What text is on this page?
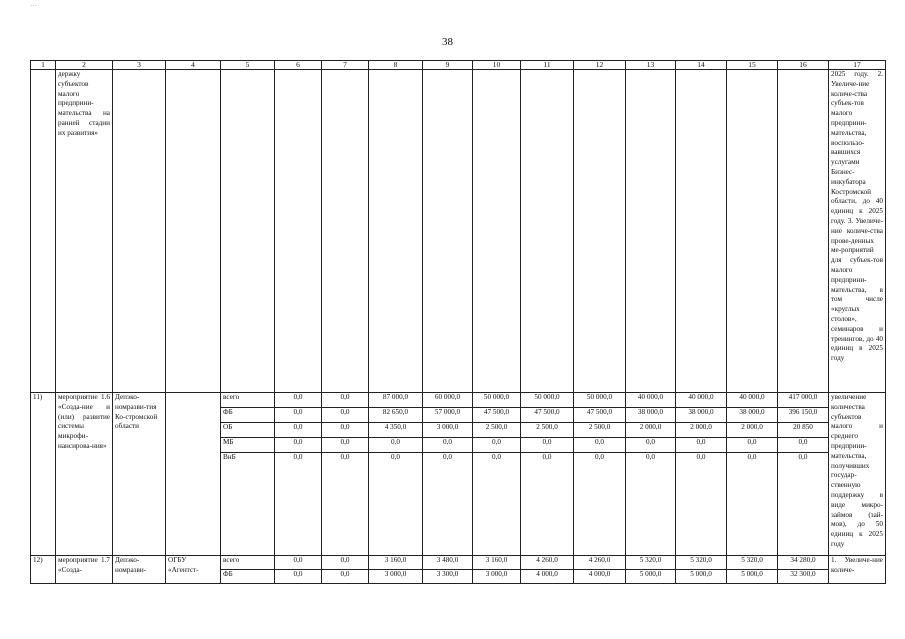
…
38
1	2	3	4	5	6	7	8	9	10	11	12	13	14	15	16	17
	держку субъектов малого предприни-мательства на ранней стадии их развития»															2025 году. 2. Увеличе-ние количе-ства субъек-тов малого предприни-мательства, воспользо-вавшихся услугами Бизнес-инкубатора Костромской области, до 40 единиц к 2025 году. 3. Увеличе-ние количе-ства прове-денных ме-роприятий для субъек-тов малого предприни-мательства, в том числе «круглых столов», семинаров и тренингов, до 40 единиц в 2025 году
11)	мероприятие 1.6 «Созда-ние и (или) развитие системы микрофи-нансирова-ния»	Депэко-номразви-тия Ко-стромской области		всего	0,0	0,0	87 000,0	60 000,0	50 000,0	50 000,0	50 000,0	40 000,0	40 000,0	40 000,0	417 000,0	увеличение количества субъектов малого и среднего предприни-мательства, получивших государ-ственную поддержку в виде микро-займов (зай-мов), до 50 единиц к 2025 году
				ФБ	0,0	0,0	82 650,0	57 000,0	47 500,0	47 500,0	47 500,0	38 000,0	38 000,0	38 000,0	396 150,0	
				ОБ	0,0	0,0	4 350,0	3 000,0	2 500,0	2 500,0	2 500,0	2 000,0	2 000,0	2 000,0	20 850	
				МБ	0,0	0,0	0,0	0,0	0,0	0,0	0,0	0,0	0,0	0,0	0,0	
				ВнБ	0,0	0,0	0,0	0,0	0,0	0,0	0,0	0,0	0,0	0,0	0,0	
12)	мероприятие 1.7 «Созда-	Депэко-номразви-	ОГБУ «Агентст-	всего	0,0	0,0	3 160,0	3 480,0	3 160,0	4 260,0	4 260,0	5 320,0	5 320,0	5 320,0	34 280,0	1. Увеличе-ние количе-
				ФБ	0,0	0,0	3 000,0	3 300,0	3 000,0	4 000,0	4 000,0	5 000,0	5 000,0	5 000,0	32 300,0	
